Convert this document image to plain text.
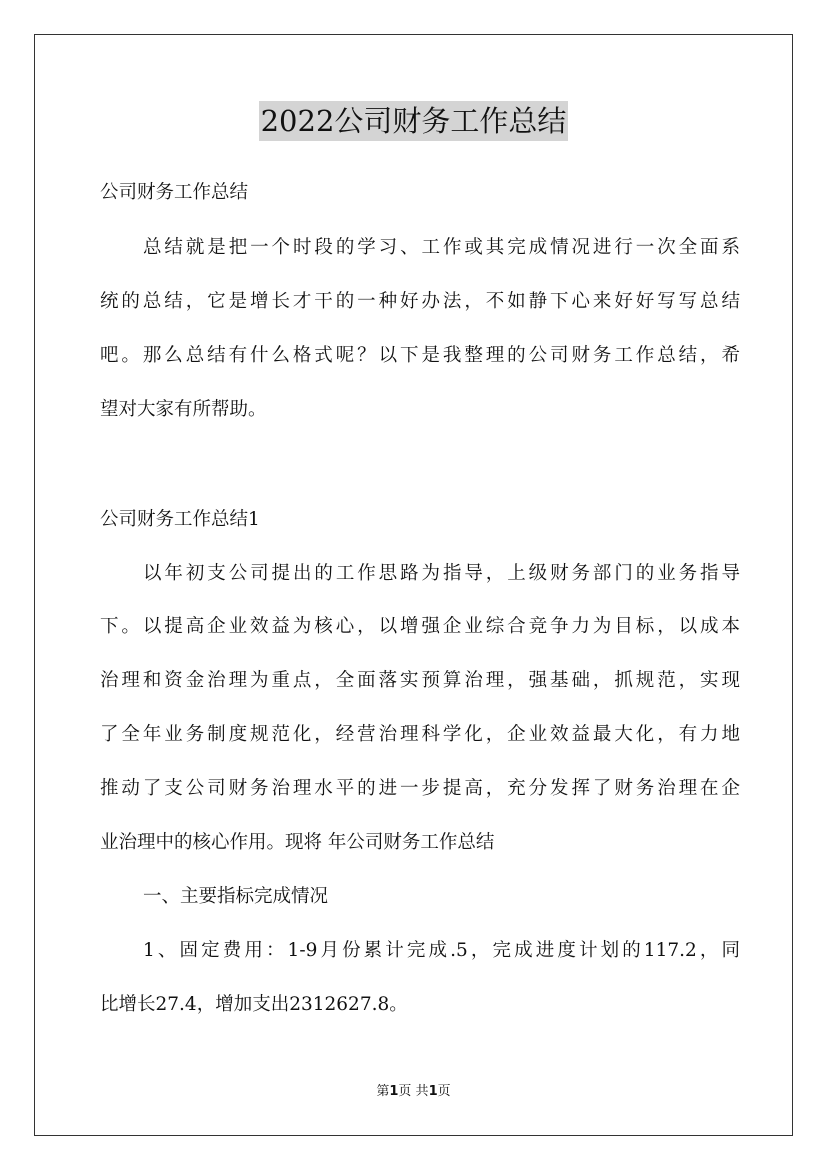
2022公司财务工作总结
公司财务工作总结
总结就是把一个时段的学习、工作或其完成情况进行一次全面系
统的总结，它是增长才干的一种好办法，不如静下心来好好写写总结
吧。那么总结有什么格式呢？以下是我整理的公司财务工作总结，希
望对大家有所帮助。
公司财务工作总结1
以年初支公司提出的工作思路为指导，上级财务部门的业务指导
下。以提高企业效益为核心，以增强企业综合竞争力为目标，以成本
治理和资金治理为重点，全面落实预算治理，强基础，抓规范，实现
了全年业务制度规范化，经营治理科学化，企业效益最大化，有力地
推动了支公司财务治理水平的进一步提高，充分发挥了财务治理在企
业治理中的核心作用。现将 年公司财务工作总结
一、主要指标完成情况
1、固定费用：1-9月份累计完成.5，完成进度计划的117.2，同
比增长27.4，增加支出2312627.8。
第1页 共1页
